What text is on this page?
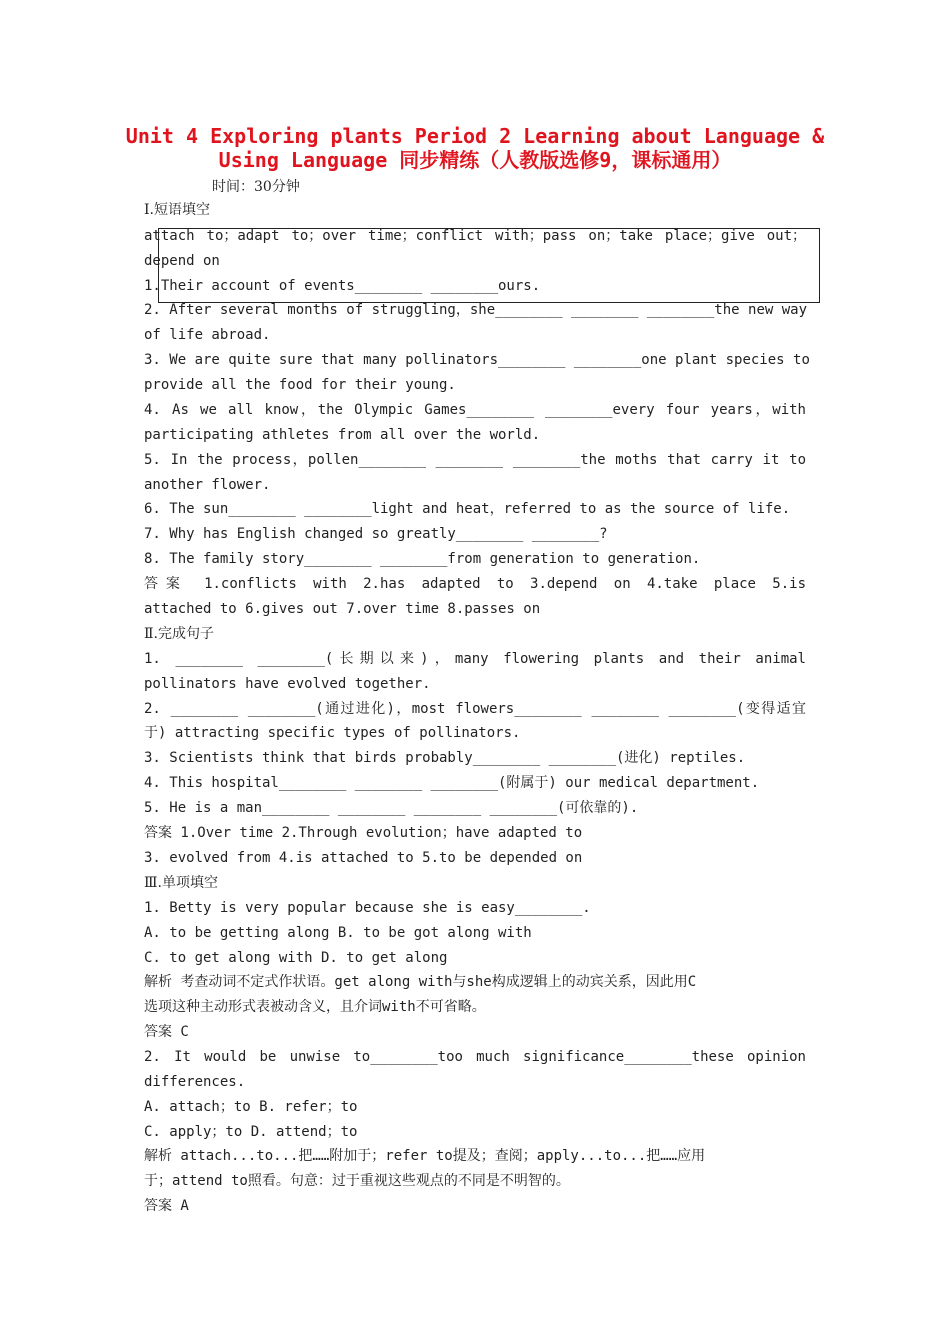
Unit 4 Exploring plants Period 2 Learning about Language &
Using Language 同步精练（人教版选修9，课标通用）
时间：30分钟
Ⅰ.短语填空
attach to；adapt to；over time；conflict with；pass on；take place；give out；
depend on
1.Their account of events________ ________ours.
2. After several months of struggling，she________ ________ ________the new way
of life abroad.
3. We are quite sure that many pollinators________ ________one plant species to
provide all the food for their young.
4. As we all know，the Olympic Games________ ________every four years，with
participating athletes from all over the world.
5. In the process，pollen________ ________ ________the moths that carry it to
another flower.
6. The sun________ ________light and heat，referred to as the source of life.
7. Why has English changed so greatly________ ________?
8. The family story________ ________from generation to generation.
答案 1.conflicts with 2.has adapted to 3.depend on 4.take place 5.is
attached to 6.gives out 7.over time 8.passes on
Ⅱ.完成句子
1. ________ ________(长期以来)，many flowering plants and their animal
pollinators have evolved together.
2. ________ ________(通过进化)，most flowers________ ________ ________(变得适宜
于) attracting specific types of pollinators.
3. Scientists think that birds probably________ ________(进化) reptiles.
4. This hospital________ ________ ________(附属于) our medical department.
5. He is a man________ ________ ________ ________(可依靠的).
答案 1.Over time 2.Through evolution；have adapted to
3. evolved from 4.is attached to 5.to be depended on
Ⅲ.单项填空
1. Betty is very popular because she is easy________.
A. to be getting along B. to be got along with
C. to get along with D. to get along
解析 考查动词不定式作状语。get along with与she构成逻辑上的动宾关系，因此用C
选项这种主动形式表被动含义，且介词with不可省略。
答案 C
2. It would be unwise to________too much significance________these opinion
differences.
A. attach；to B. refer；to
C. apply；to D. attend；to
解析 attach...to...把……附加于；refer to提及；查阅；apply...to...把……应用
于；attend to照看。句意：过于重视这些观点的不同是不明智的。
答案 A
